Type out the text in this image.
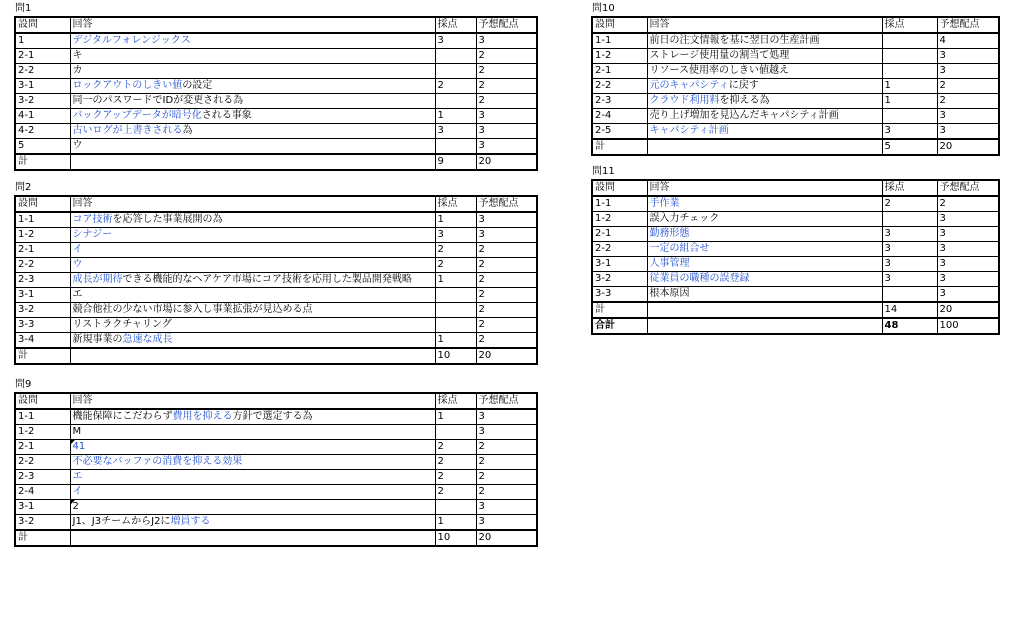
問1
設問	回答	採点	予想配点
1	デジタルフォレンジックス	3	3
2-1	キ		2
2-2	カ		2
3-1	ロックアウトのしきい値の設定	2	2
3-2	同一のパスワードでIDが変更される為		2
4-1	バックアップデータが暗号化される事象	1	3
4-2	古いログが上書きされる為	3	3
5	ウ		3
計		9	20
問2
設問	回答	採点	予想配点
1-1	コア技術を応答した事業展開の為	1	3
1-2	シナジー	3	3
2-1	イ	2	2
2-2	ウ	2	2
2-3	成長が期待できる機能的なヘアケア市場にコア技術を応用した製品開発戦略	1	2
3-1	エ		2
3-2	競合他社の少ない市場に参入し事業拡張が見込める点		2
3-3	リストラクチャリング		2
3-4	新規事業の急速な成長	1	2
計		10	20
問9
設問	回答	採点	予想配点
1-1	機能保障にこだわらず費用を抑える方針で選定する為	1	3
1-2	M		3
2-1	41	2	2
2-2	不必要なバッファの消費を抑える効果	2	2
2-3	エ	2	2
2-4	イ	2	2
3-1	2		3
3-2	J1、J3チームからJ2に増員する	1	3
計		10	20
問10
設問	回答	採点	予想配点
1-1	前日の注文情報を基に翌日の生産計画		4
1-2	ストレージ使用量の割当て処理		3
2-1	リソース使用率のしきい値越え		3
2-2	元のキャパシティに戻す	1	2
2-3	クラウド利用料を抑える為	1	2
2-4	売り上げ増加を見込んだキャパシティ計画		3
2-5	キャパシティ計画	3	3
計		5	20
問11
設問	回答	採点	予想配点
1-1	手作業	2	2
1-2	誤入力チェック		3
2-1	勤務形態	3	3
2-2	一定の組合せ	3	3
3-1	人事管理	3	3
3-2	従業員の職種の誤登録	3	3
3-3	根本原因		3
計		14	20
合計		48	100
